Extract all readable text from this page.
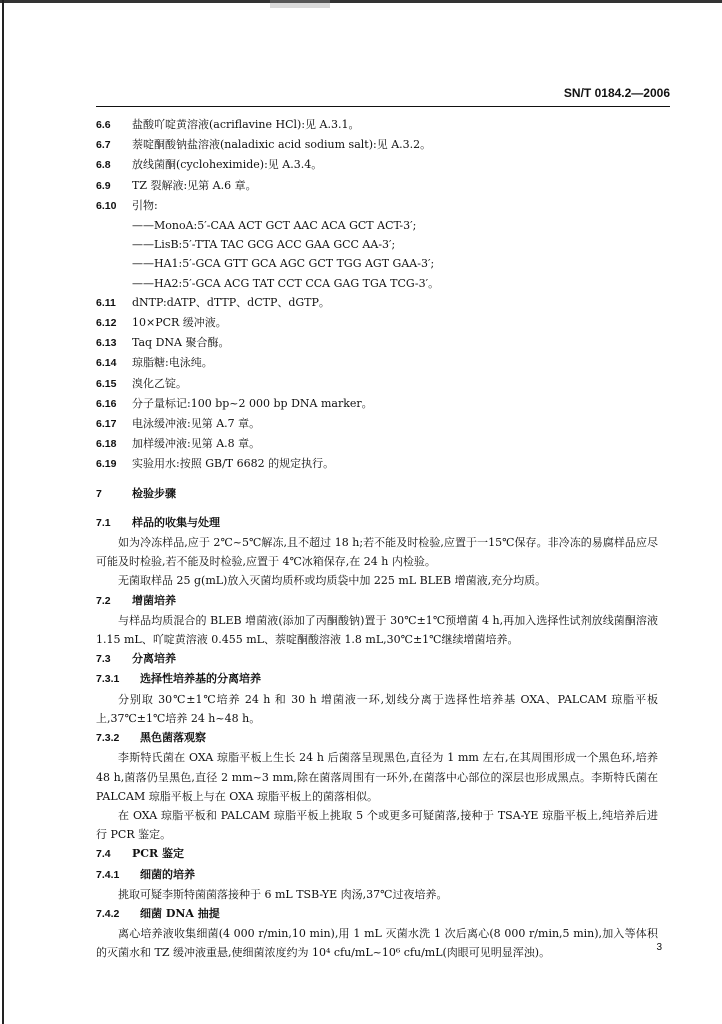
SN/T 0184.2—2006
6.6 盐酸吖啶黄溶液(acriflavine HCl):见 A.3.1。
6.7 萘啶酮酸钠盐溶液(naladixic acid sodium salt):见 A.3.2。
6.8 放线菌酮(cycloheximide):见 A.3.4。
6.9 TZ 裂解液:见第 A.6 章。
6.10 引物:
——MonoA:5′-CAA ACT GCT AAC ACA GCT ACT-3′;
——LisB:5′-TTA TAC GCG ACC GAA GCC AA-3′;
——HA1:5′-GCA GTT GCA AGC GCT TGG AGT GAA-3′;
——HA2:5′-GCA ACG TAT CCT CCA GAG TGA TCG-3′。
6.11 dNTP:dATP、dTTP、dCTP、dGTP。
6.12 10×PCR 缓冲液。
6.13 Taq DNA 聚合酶。
6.14 琼脂糖:电泳纯。
6.15 溴化乙锭。
6.16 分子量标记:100 bp~2 000 bp DNA marker。
6.17 电泳缓冲液:见第 A.7 章。
6.18 加样缓冲液:见第 A.8 章。
6.19 实验用水:按照 GB/T 6682 的规定执行。
7	检验步骤
7.1 样品的收集与处理
如为冷冻样品,应于 2℃~5℃解冻,且不超过 18 h;若不能及时检验,应置于一15℃保存。非冷冻的易腐样品应尽可能及时检验,若不能及时检验,应置于 4℃冰箱保存,在 24 h 内检验。
无菌取样品 25 g(mL)放入灭菌均质杯或均质袋中加 225 mL BLEB 增菌液,充分均质。
7.2 增菌培养
与样品均质混合的 BLEB 增菌液(添加了丙酮酸钠)置于 30℃±1℃预增菌 4 h,再加入选择性试剂放线菌酮溶液 1.15 mL、吖啶黄溶液 0.455 mL、萘啶酮酸溶液 1.8 mL,30℃±1℃继续增菌培养。
7.3 分离培养
7.3.1 选择性培养基的分离培养
分别取 30℃±1℃培养 24 h 和 30 h 增菌液一环,划线分离于选择性培养基 OXA、PALCAM 琼脂平板上,37℃±1℃培养 24 h~48 h。
7.3.2 黑色菌落观察
李斯特氏菌在 OXA 琼脂平板上生长 24 h 后菌落呈现黑色,直径为 1 mm 左右,在其周围形成一个黑色环,培养 48 h,菌落仍呈黑色,直径 2 mm~3 mm,除在菌落周围有一环外,在菌落中心部位的深层也形成黑点。李斯特氏菌在 PALCAM 琼脂平板上与在 OXA 琼脂平板上的菌落相似。
在 OXA 琼脂平板和 PALCAM 琼脂平板上挑取 5 个或更多可疑菌落,接种于 TSA-YE 琼脂平板上,纯培养后进行 PCR 鉴定。
7.4 PCR 鉴定
7.4.1 细菌的培养
挑取可疑李斯特菌菌落接种于 6 mL TSB-YE 肉汤,37℃过夜培养。
7.4.2 细菌 DNA 抽提
离心培养液收集细菌(4 000 r/min,10 min),用 1 mL 灭菌水洗 1 次后离心(8 000 r/min,5 min),加入等体积的灭菌水和 TZ 缓冲液重悬,使细菌浓度约为 10⁴ cfu/mL~10⁶ cfu/mL(肉眼可见明显浑浊)。	3
